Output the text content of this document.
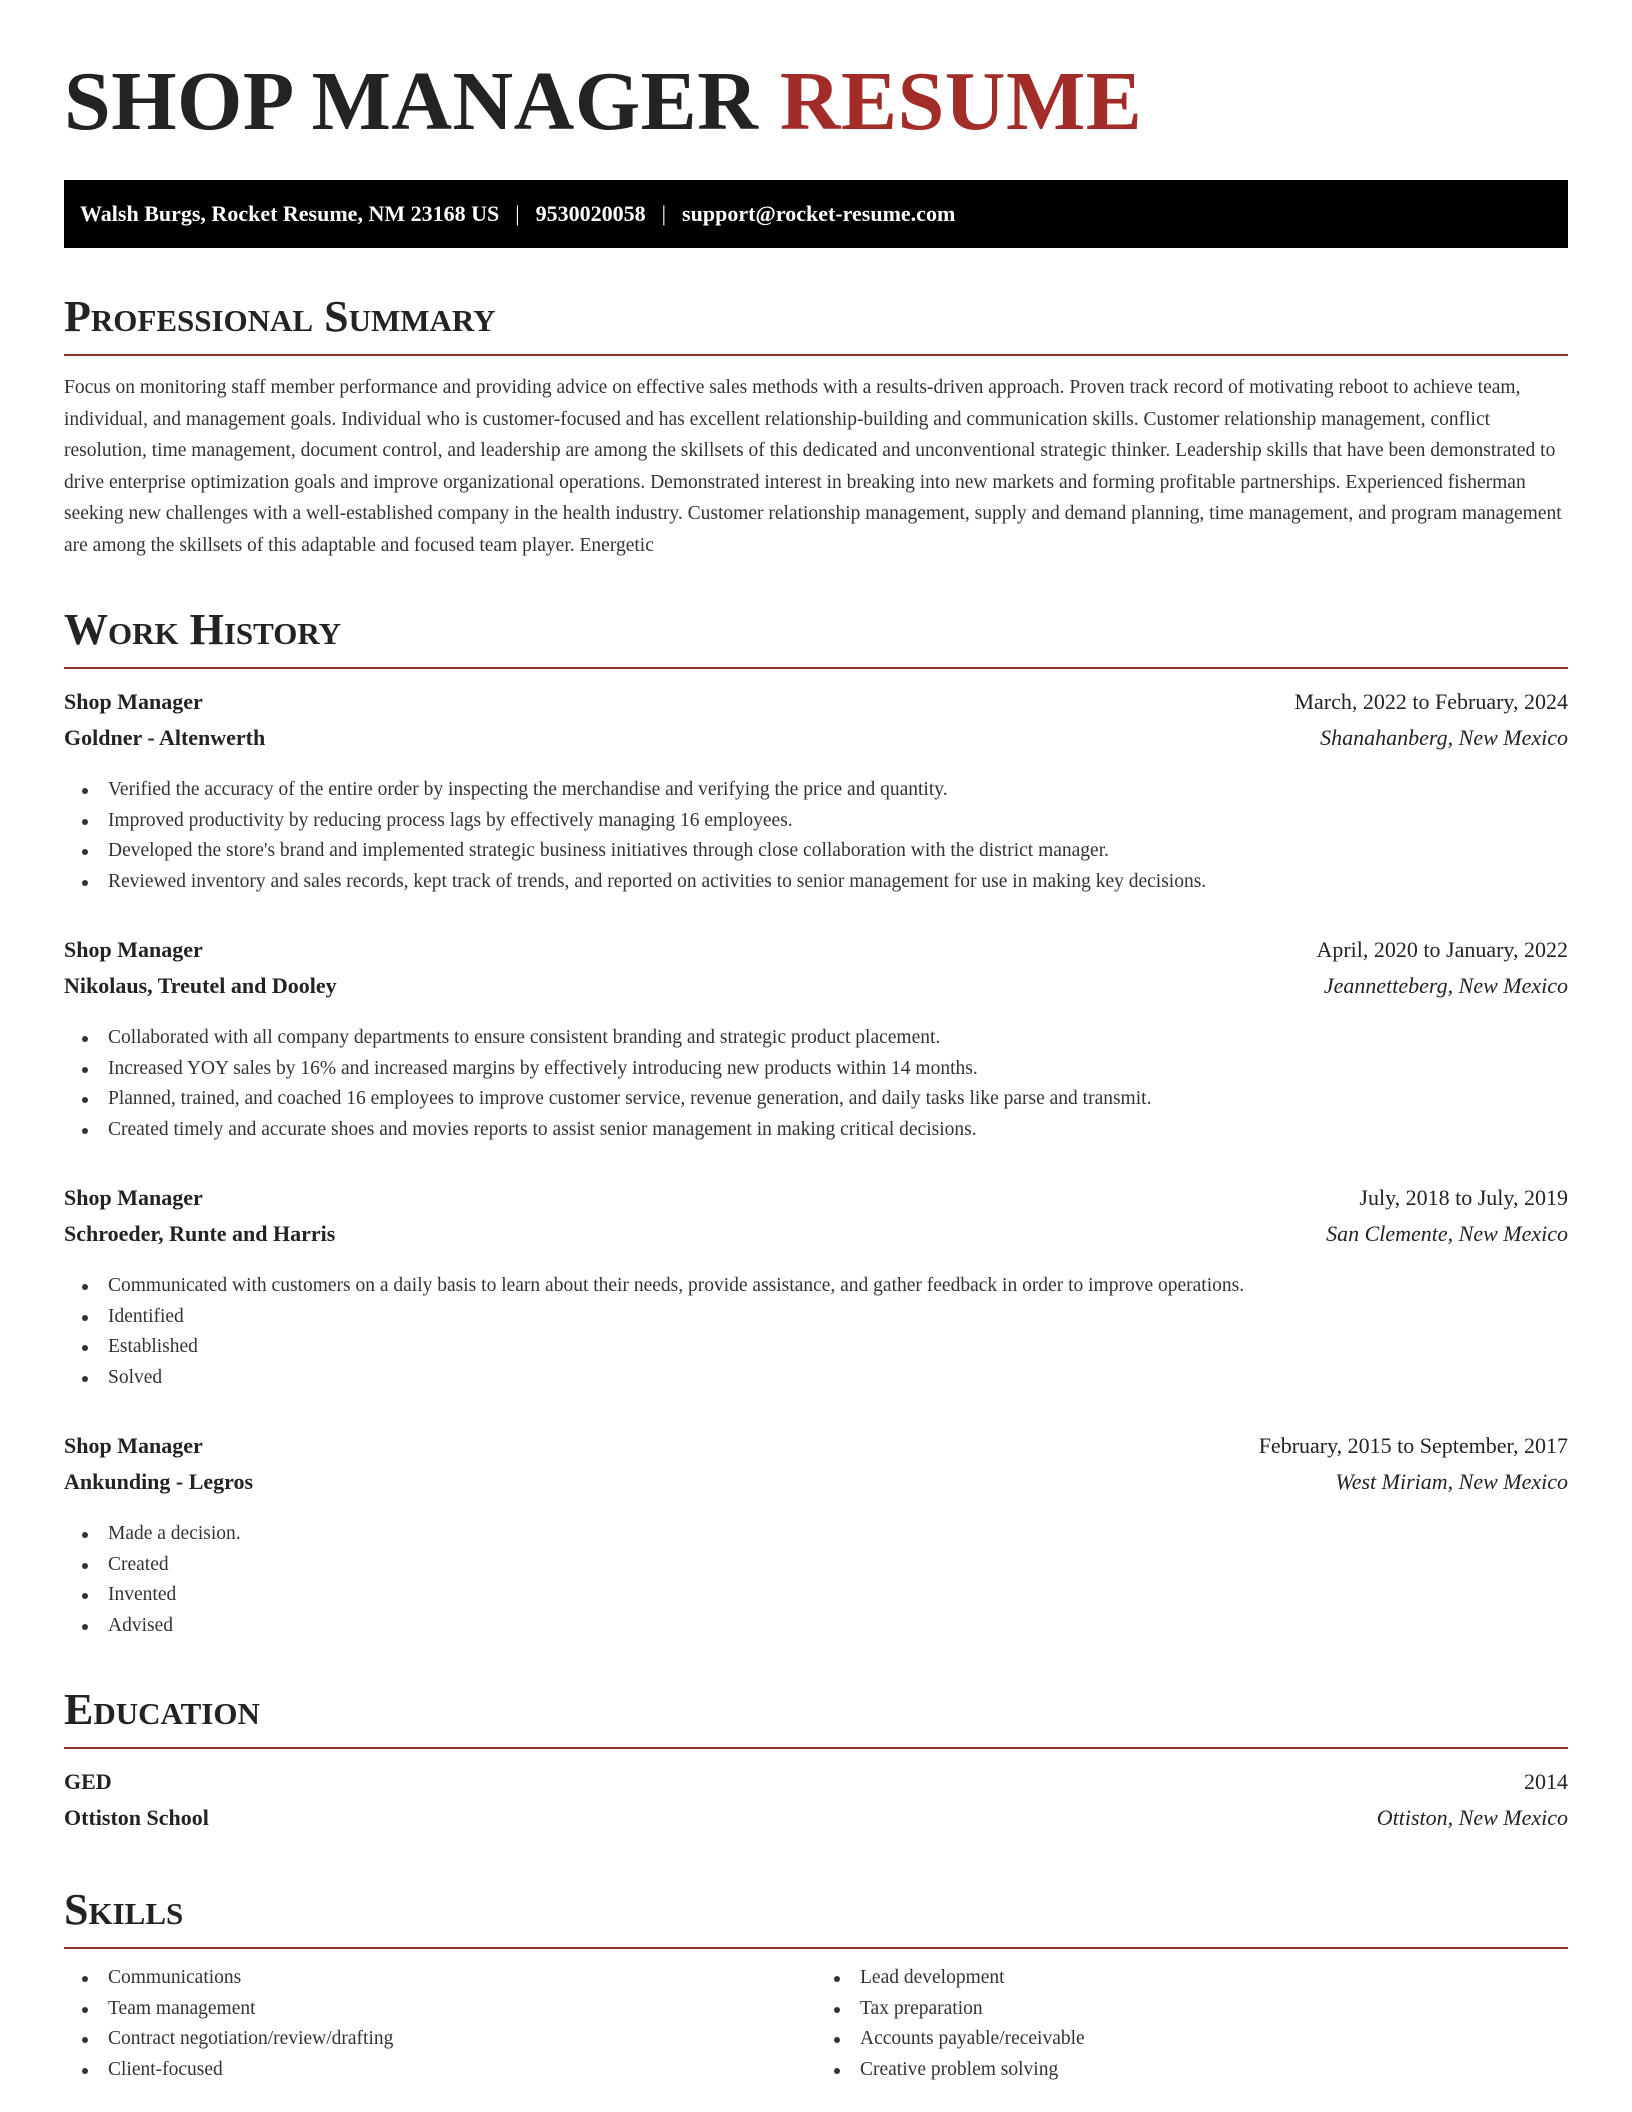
SHOP MANAGER RESUME
Walsh Burgs, Rocket Resume, NM 23168 US | 9530020058 | support@rocket-resume.com
Professional Summary
Focus on monitoring staff member performance and providing advice on effective sales methods with a results-driven approach. Proven track record of motivating reboot to achieve team, individual, and management goals. Individual who is customer-focused and has excellent relationship-building and communication skills. Customer relationship management, conflict resolution, time management, document control, and leadership are among the skillsets of this dedicated and unconventional strategic thinker. Leadership skills that have been demonstrated to drive enterprise optimization goals and improve organizational operations. Demonstrated interest in breaking into new markets and forming profitable partnerships. Experienced fisherman seeking new challenges with a well-established company in the health industry. Customer relationship management, supply and demand planning, time management, and program management are among the skillsets of this adaptable and focused team player. Energetic
Work History
Shop Manager	March, 2022 to February, 2024
Goldner - Altenwerth	Shanahanberg, New Mexico
Verified the accuracy of the entire order by inspecting the merchandise and verifying the price and quantity.
Improved productivity by reducing process lags by effectively managing 16 employees.
Developed the store's brand and implemented strategic business initiatives through close collaboration with the district manager.
Reviewed inventory and sales records, kept track of trends, and reported on activities to senior management for use in making key decisions.
Shop Manager	April, 2020 to January, 2022
Nikolaus, Treutel and Dooley	Jeannetteberg, New Mexico
Collaborated with all company departments to ensure consistent branding and strategic product placement.
Increased YOY sales by 16% and increased margins by effectively introducing new products within 14 months.
Planned, trained, and coached 16 employees to improve customer service, revenue generation, and daily tasks like parse and transmit.
Created timely and accurate shoes and movies reports to assist senior management in making critical decisions.
Shop Manager	July, 2018 to July, 2019
Schroeder, Runte and Harris	San Clemente, New Mexico
Communicated with customers on a daily basis to learn about their needs, provide assistance, and gather feedback in order to improve operations.
Identified
Established
Solved
Shop Manager	February, 2015 to September, 2017
Ankunding - Legros	West Miriam, New Mexico
Made a decision.
Created
Invented
Advised
Education
GED	2014
Ottiston School	Ottiston, New Mexico
Skills
Communications
Team management
Contract negotiation/review/drafting
Client-focused
Lead development
Tax preparation
Accounts payable/receivable
Creative problem solving
